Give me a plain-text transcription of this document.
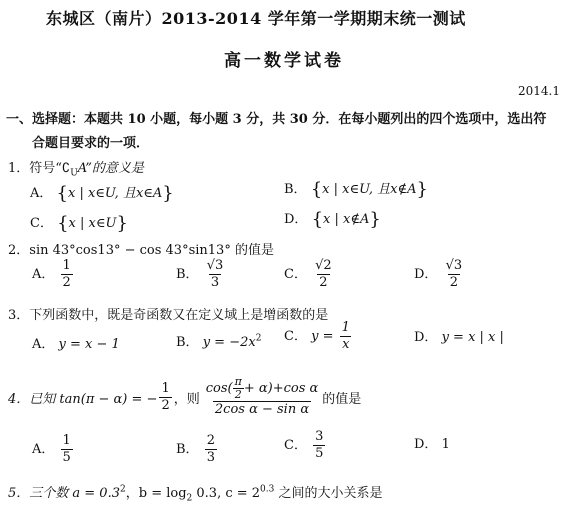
东城区（南片）2013-2014 学年第一学期期末统一测试
高一数学试卷
2014.1
一、选择题：本题共 10 小题，每小题 3 分，共 30 分．在每小题列出的四个选项中，选出符
合题目要求的一项．
1．符号“$∁_UA$”的意义是
A． {x | x∈U, 且x∈A}	B． {x | x∈U, 且x∉A}
C． {x | x∈U}	D． {x | x∉A}
2．sin 43°cos13° − cos 43°sin13° 的值是
A． $\frac{1}{2}$	B． $\frac{√3}{3}$	C． $\frac{√2}{2}$	D． $\frac{√3}{2}$
3．下列函数中，既是奇函数又在定义域上是增函数的是
A． y = x − 1	B． $y = -2x^2$ C． $y = \frac{1}{x}$	D． y = x | x |
4．已知 tan(π − α) = − $\frac{1}{2}$ ，则 $\frac{\cos( \frac{\pi}{2} + \alpha)+\cos \alpha}{\text{2cos α − sin α}}$ 的值是
A． $\frac{1}{5}$	B． $\frac{2}{3}$	C． $\frac{3}{5}$	D． 1
5．三个数 $a = 0.3^2$，$b = \log_2 0.3$, $c = 2^{0.3}$ 之间的大小关系是
